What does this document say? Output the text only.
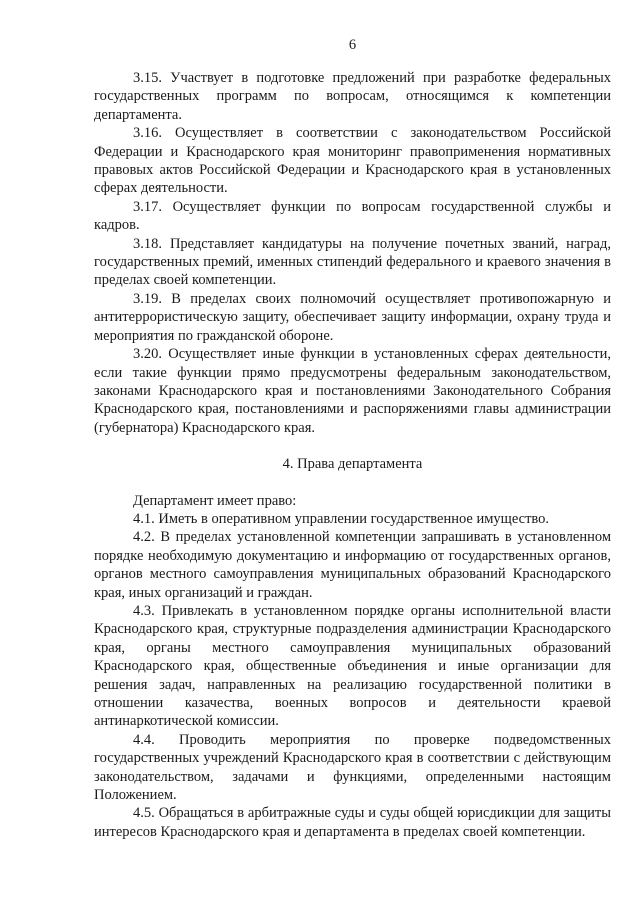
6

3.15. Участвует в подготовке предложений при разработке федеральных государственных программ по вопросам, относящимся к компетенции департамента.

3.16. Осуществляет в соответствии с законодательством Российской Федерации и Краснодарского края мониторинг правоприменения нормативных правовых актов Российской Федерации и Краснодарского края в установленных сферах деятельности.

3.17. Осуществляет функции по вопросам государственной службы и кадров.

3.18. Представляет кандидатуры на получение почетных званий, наград, государственных премий, именных стипендий федерального и краевого значения в пределах своей компетенции.

3.19. В пределах своих полномочий осуществляет противопожарную и антитеррористическую защиту, обеспечивает защиту информации, охрану труда и мероприятия по гражданской обороне.

3.20. Осуществляет иные функции в установленных сферах деятельности, если такие функции прямо предусмотрены федеральным законодательством, законами Краснодарского края и постановлениями Законодательного Собрания Краснодарского края, постановлениями и распоряжениями главы администрации (губернатора) Краснодарского края.

4. Права департамента

Департамент имеет право:

4.1. Иметь в оперативном управлении государственное имущество.

4.2. В пределах установленной компетенции запрашивать в установленном порядке необходимую документацию и информацию от государственных органов, органов местного самоуправления муниципальных образований Краснодарского края, иных организаций и граждан.

4.3. Привлекать в установленном порядке органы исполнительной власти Краснодарского края, структурные подразделения администрации Краснодарского края, органы местного самоуправления муниципальных образований Краснодарского края, общественные объединения и иные организации для решения задач, направленных на реализацию государственной политики в отношении казачества, военных вопросов и деятельности краевой антинаркотической комиссии.

4.4. Проводить мероприятия по проверке подведомственных государственных учреждений Краснодарского края в соответствии с действующим законодательством, задачами и функциями, определенными настоящим Положением.

4.5. Обращаться в арбитражные суды и суды общей юрисдикции для защиты интересов Краснодарского края и департамента в пределах своей компетенции.
